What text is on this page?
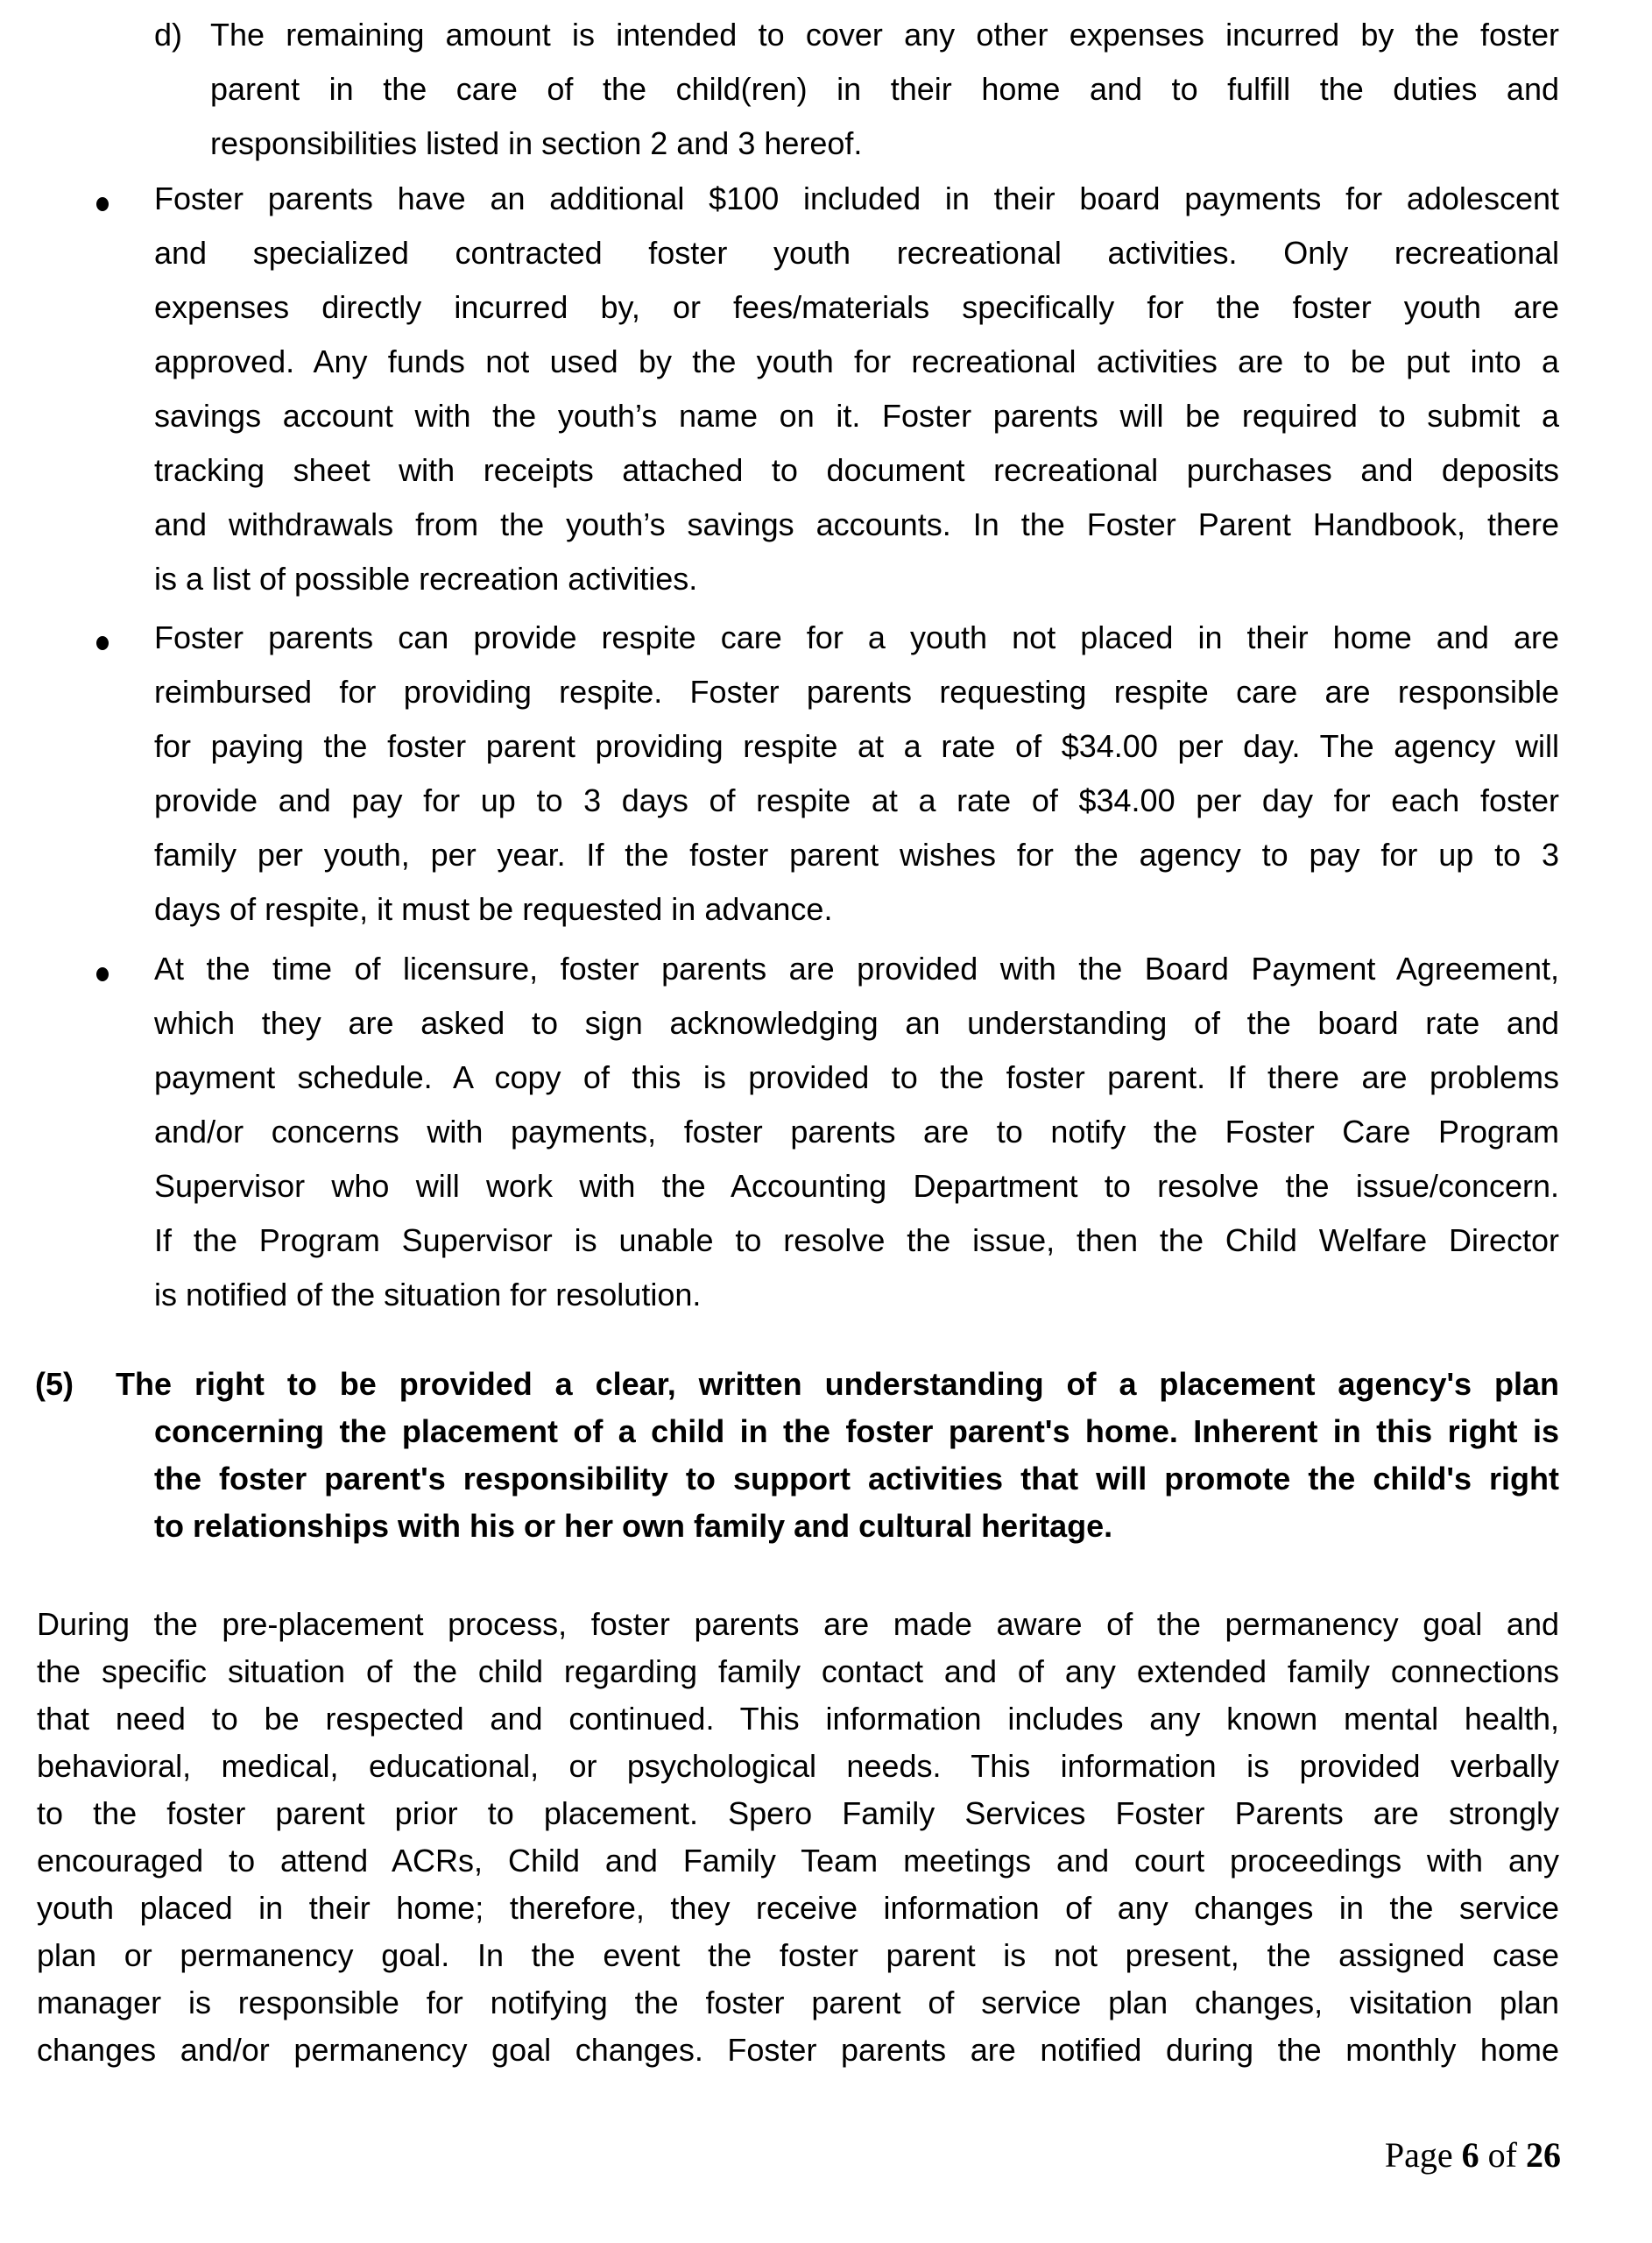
d) The remaining amount is intended to cover any other expenses incurred by the foster
parent in the care of the child(ren) in their home and to fulfill the duties and
responsibilities listed in section 2 and 3 hereof.
Foster parents have an additional $100 included in their board payments for adolescent
and specialized contracted foster youth recreational activities. Only recreational
expenses directly incurred by, or fees/materials specifically for the foster youth are
approved. Any funds not used by the youth for recreational activities are to be put into a
savings account with the youth’s name on it. Foster parents will be required to submit a
tracking sheet with receipts attached to document recreational purchases and deposits
and withdrawals from the youth’s savings accounts. In the Foster Parent Handbook, there
is a list of possible recreation activities.
Foster parents can provide respite care for a youth not placed in their home and are
reimbursed for providing respite. Foster parents requesting respite care are responsible
for paying the foster parent providing respite at a rate of $34.00 per day. The agency will
provide and pay for up to 3 days of respite at a rate of $34.00 per day for each foster
family per youth, per year. If the foster parent wishes for the agency to pay for up to 3
days of respite, it must be requested in advance.
At the time of licensure, foster parents are provided with the Board Payment Agreement,
which they are asked to sign acknowledging an understanding of the board rate and
payment schedule. A copy of this is provided to the foster parent. If there are problems
and/or concerns with payments, foster parents are to notify the Foster Care Program
Supervisor who will work with the Accounting Department to resolve the issue/concern.
If the Program Supervisor is unable to resolve the issue, then the Child Welfare Director
is notified of the situation for resolution.
(5) The right to be provided a clear, written understanding of a placement agency's plan
concerning the placement of a child in the foster parent's home. Inherent in this right is
the foster parent's responsibility to support activities that will promote the child's right
to relationships with his or her own family and cultural heritage.
During the pre-placement process, foster parents are made aware of the permanency goal and
the specific situation of the child regarding family contact and of any extended family connections
that need to be respected and continued. This information includes any known mental health,
behavioral, medical, educational, or psychological needs. This information is provided verbally
to the foster parent prior to placement. Spero Family Services Foster Parents are strongly
encouraged to attend ACRs, Child and Family Team meetings and court proceedings with any
youth placed in their home; therefore, they receive information of any changes in the service
plan or permanency goal. In the event the foster parent is not present, the assigned case
manager is responsible for notifying the foster parent of service plan changes, visitation plan
changes and/or permanency goal changes. Foster parents are notified during the monthly home
Page 6 of 26
